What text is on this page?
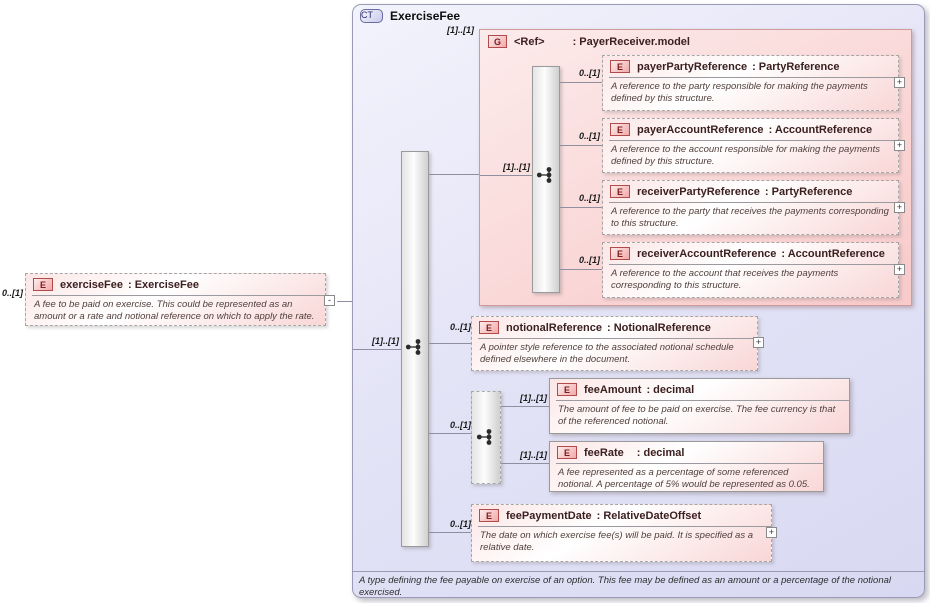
0..[1]
E	exerciseFee : ExerciseFee
A fee to be paid on exercise. This could be represented as an amount or a rate and notional reference on which to apply the rate.
-
CT	ExerciseFee
[1]..[1]
[1]..[1]
G	<Ref>	: PayerReceiver.model
[1]..[1]
0..[1]
E	payerPartyReference : PartyReference
A reference to the party responsible for making the payments defined by this structure.
+
0..[1]
E	payerAccountReference : AccountReference
A reference to the account responsible for making the payments defined by this structure.
+
0..[1]
E	receiverPartyReference : PartyReference
A reference to the party that receives the payments corresponding to this structure.
+
0..[1]
E	receiverAccountReference : AccountReference
A reference to the account that receives the payments corresponding to this structure.
+
0..[1]	E	notionalReference : NotionalReference
A pointer style reference to the associated notional schedule defined elsewhere in the document.
+
0..[1]
[1]..[1]
E	feeAmount : decimal
The amount of fee to be paid on exercise. The fee currency is that of the referenced notional.
[1]..[1]	E	feeRate : decimal
A fee represented as a percentage of some referenced notional. A percentage of 5% would be represented as 0.05.
0..[1]
E	feePaymentDate : RelativeDateOffset
The date on which exercise fee(s) will be paid. It is specified as a relative date.
+
A type defining the fee payable on exercise of an option. This fee may be defined as an amount or a percentage of the notional exercised.
